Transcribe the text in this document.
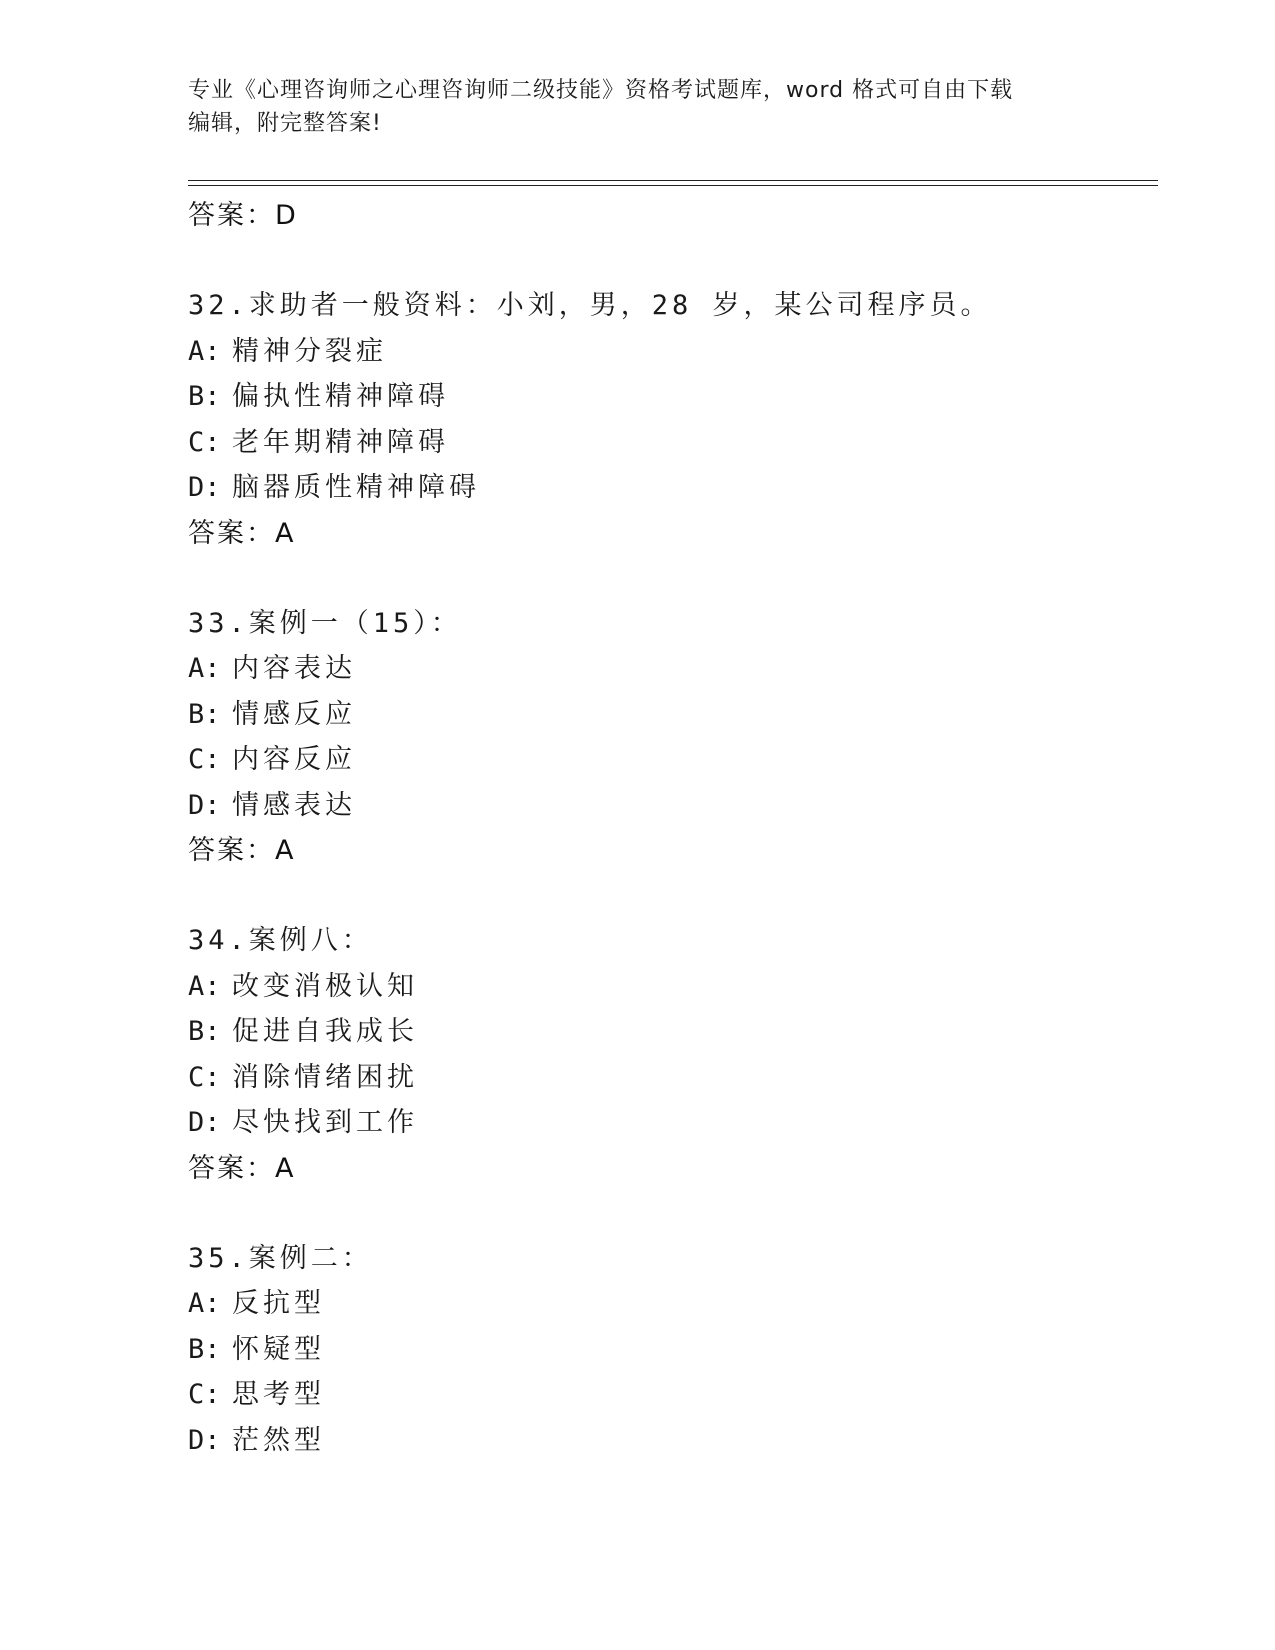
专业《心理咨询师之心理咨询师二级技能》资格考试题库，word 格式可自由下载
编辑，附完整答案!
答案：D
32.求助者一般资料：小刘，男，28 岁，某公司程序员。
A : 精神分裂症
B : 偏执性精神障碍
C : 老年期精神障碍
D : 脑器质性精神障碍
答案：A
33.案例一（15）：
A : 内容表达
B : 情感反应
C : 内容反应
D : 情感表达
答案：A
34.案例八：
A : 改变消极认知
B : 促进自我成长
C : 消除情绪困扰
D : 尽快找到工作
答案：A
35.案例二：
A : 反抗型
B : 怀疑型
C : 思考型
D : 茫然型
